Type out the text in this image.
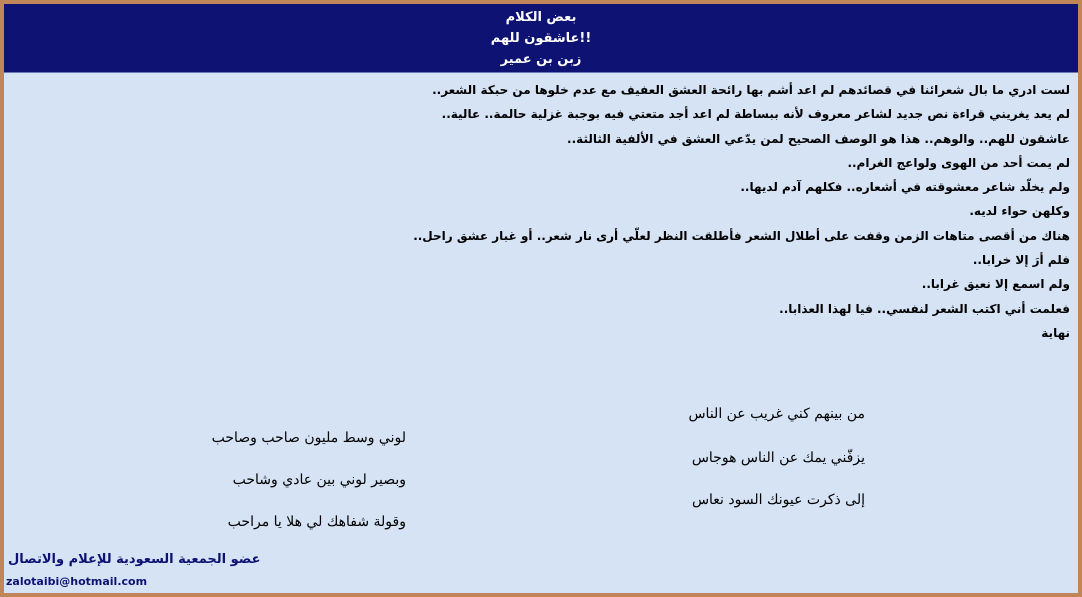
بعض الكلام
عاشقون للهم!!
زبن بن عمير
لست ادري ما بال شعرائنا في قصائدهم لم اعد أشم بها رائحة العشق العفيف مع عدم خلوها من حبكة الشعر..
لم يعد يغريني قراءة نص جديد لشاعر معروف لأنه ببساطة لم اعد أجد متعتي فيه بوجبة غزلية حالمة.. عالية..
عاشقون للهم.. والوهم.. هذا هو الوصف الصحيح لمن يدّعي العشق في الألفية الثالثة..
لم يمت أحد من الهوى ولواعج الغرام..
ولم يخلّد شاعر معشوقته في أشعاره.. فكلهم آدم لديها..
وكلهن حواء لديه.
هناك من أقصى متاهات الزمن وقفت على أطلال الشعر فأطلقت النظر لعلّي أرى نار شعر.. أو غبار عشق راحل..
فلم أرَ إلا خرابا..
ولم اسمع إلا نعيق غرابا..
فعلمت أني اكتب الشعر لنفسي.. فيا لهذا العذابا..
نهاية
من بينهم كني غريب عن الناس
يزفّني يمك عن الناس هوجاس
إلى ذكرت عيونك السود نعاس
لوني وسط مليون صاحب وصاحب
وبصير لوني بين عادي وشاحب
وقولة شفاهك لي هلا يا مراحب
عضو الجمعية السعودية للإعلام والاتصال
zalotaibi@hotmail.com
